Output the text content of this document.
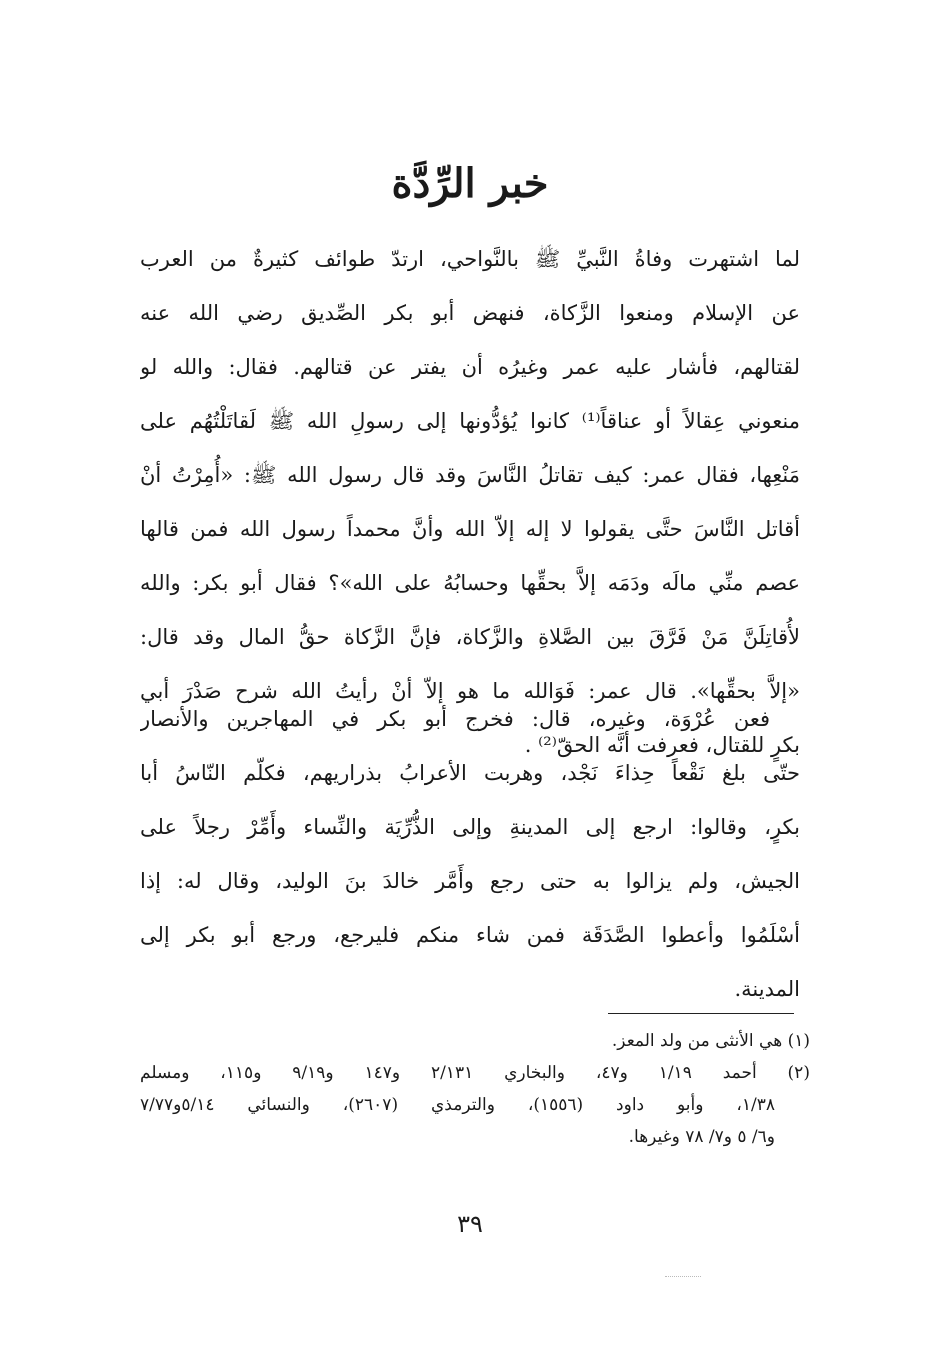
خبر الرِّدَّة
لما اشتهرت وفاةُ النَّبيِّ ﷺ بالنَّواحي، ارتدّ طوائف كثيرةٌ من العرب
عن الإسلام ومنعوا الزَّكاة، فنهض أبو بكر الصِّديق رضي الله عنه
لقتالهم، فأشار عليه عمر وغيرُه أن يفتر عن قتالهم. فقال: والله لو
منعوني عِقالاً أو عناقاً⁽¹⁾ كانوا يُؤدُّونها إلى رسولِ الله ﷺ لَقاتَلْتُهُم على
مَنْعِها، فقال عمر: كيف تقاتلُ النَّاسَ وقد قال رسول الله ﷺ: «أُمِرْتُ أنْ
أقاتل النَّاسَ حتَّى يقولوا لا إله إلاّ الله وأنَّ محمداً رسول الله فمن قالها
عصم منِّي مالَه ودَمَه إلاَّ بحقِّها وحسابُهُ على الله»؟ فقال أبو بكر: والله
لأُقاتِلَنَّ مَنْ فَرَّقَ بين الصَّلاةِ والزَّكاة، فإنَّ الزَّكاة حقُّ المال وقد قال:
«إلاَّ بحقِّها». قال عمر: فَوَالله ما هو إلاّ أنْ رأيتُ الله شرح صَدْرَ أبي
بكرٍ للقتال، فعرفت أنَّه الحقّ⁽²⁾ .
فعن عُرْوَة، وغيره، قال: فخرج أبو بكر في المهاجرين والأنصار
حتّى بلغ نَقْعاً حِذاءَ نَجْد، وهربت الأعرابُ بذراريهم، فكلّم النّاسُ أبا
بكرٍ، وقالوا: ارجع إلى المدينةِ وإلى الذُّرِّيَة والنِّساء وأَمِّرْ رجلاً على
الجيش، ولم يزالوا به حتى رجع وأَمَّر خالدَ بنَ الوليد، وقال له: إذا
أسْلَمُوا وأعطوا الصَّدَقَة فمن شاء منكم فليرجع، ورجع أبو بكر إلى
المدينة.
(١) هي الأنثى من ولد المعز.
(٢) أحمد ١/١٩ و٤٧، والبخاري ٢/١٣١ و١٤٧ و٩/١٩ و١١٥، ومسلم
١/٣٨، وأبو داود (١٥٥٦)، والترمذي (٢٦٠٧)، والنسائي ٥/١٤و٧/٧٧
و٦/ ٥ و٧/ ٧٨ وغيرها.
٣٩
